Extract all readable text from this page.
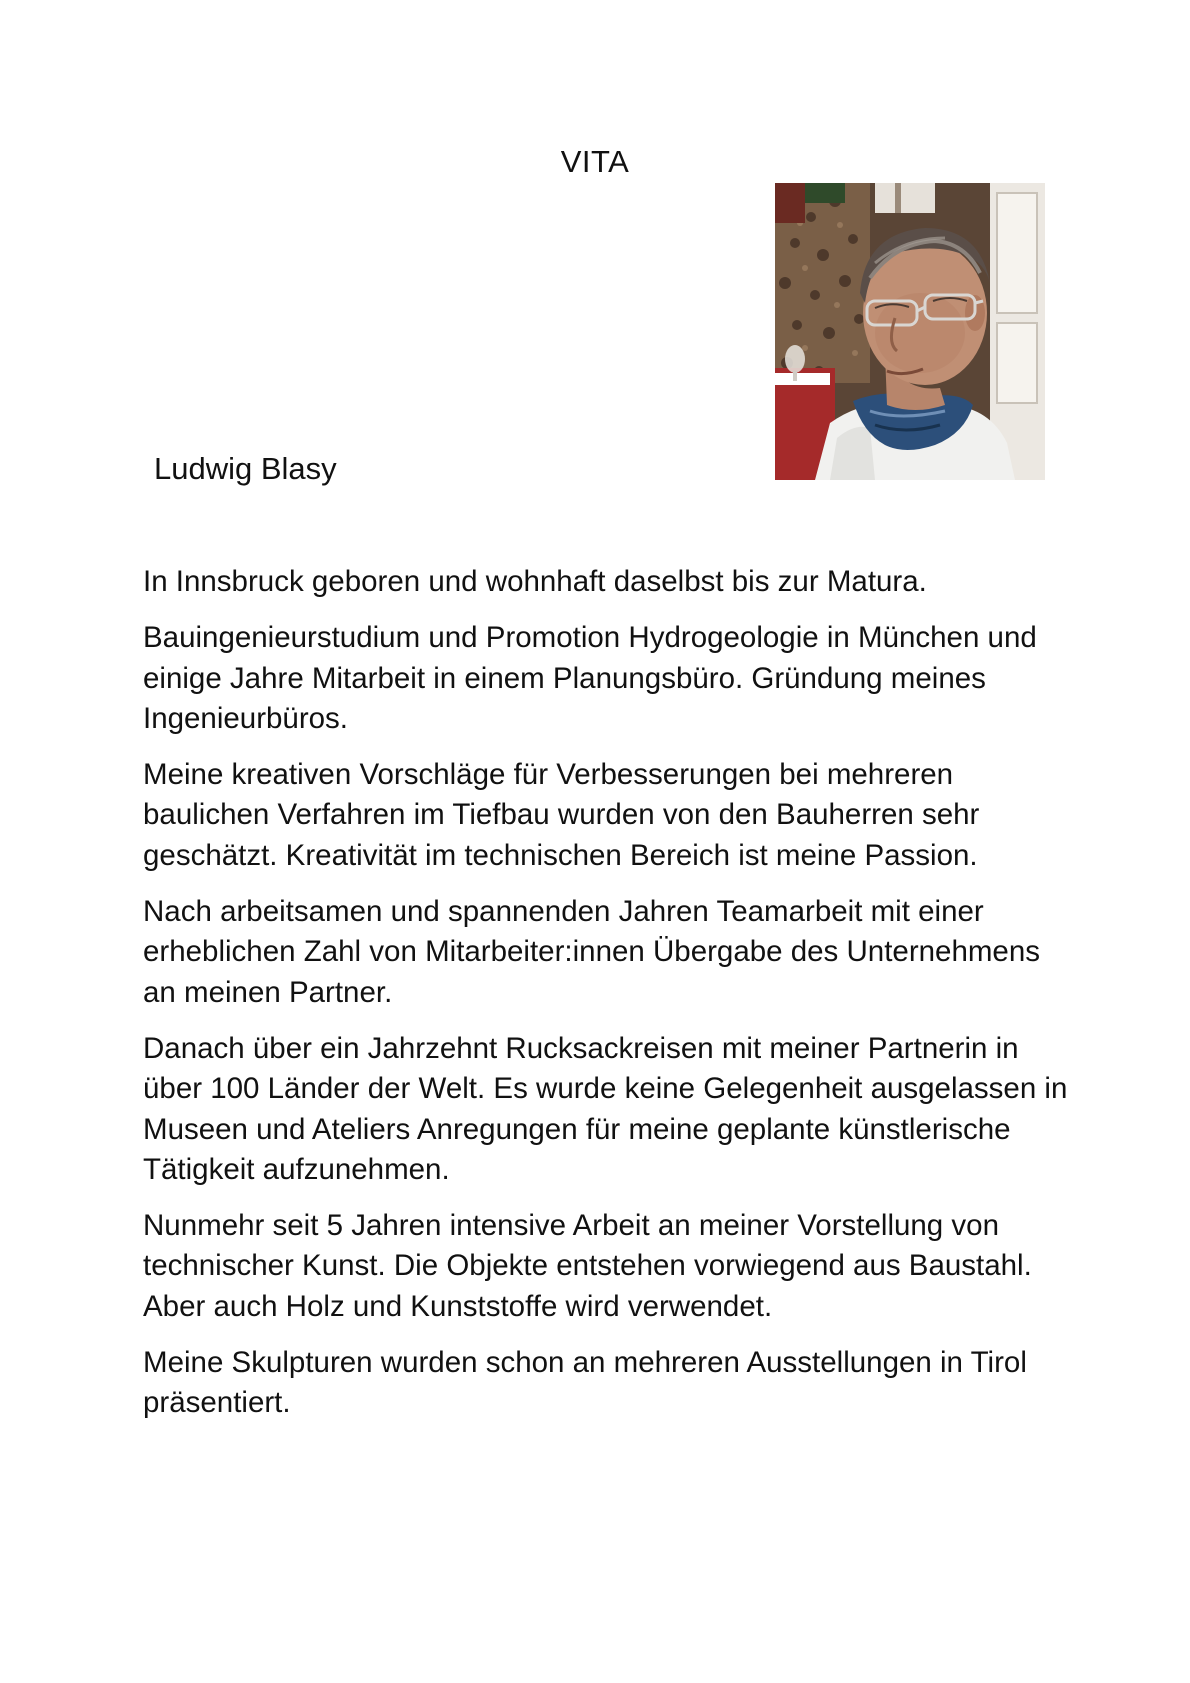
VITA
Ludwig Blasy

In Innsbruck geboren und wohnhaft daselbst bis zur Matura.

Bauingenieurstudium und Promotion Hydrogeologie in München und einige Jahre Mitarbeit in einem Planungsbüro. Gründung meines Ingenieurbüros.

Meine kreativen Vorschläge für Verbesserungen bei mehreren baulichen Verfahren im Tiefbau wurden von den Bauherren sehr geschätzt. Kreativität im technischen Bereich ist meine Passion.

Nach arbeitsamen und spannenden Jahren Teamarbeit mit einer erheblichen Zahl von Mitarbeiter:innen Übergabe des Unternehmens an meinen Partner.

Danach über ein Jahrzehnt Rucksackreisen mit meiner Partnerin in über 100 Länder der Welt. Es wurde keine Gelegenheit ausgelassen in Museen und Ateliers Anregungen für meine geplante künstlerische Tätigkeit aufzunehmen.

Nunmehr seit 5 Jahren intensive Arbeit an meiner Vorstellung von technischer Kunst. Die Objekte entstehen vorwiegend aus Baustahl. Aber auch Holz und Kunststoffe wird verwendet.

Meine Skulpturen wurden schon an mehreren Ausstellungen in Tirol präsentiert.
